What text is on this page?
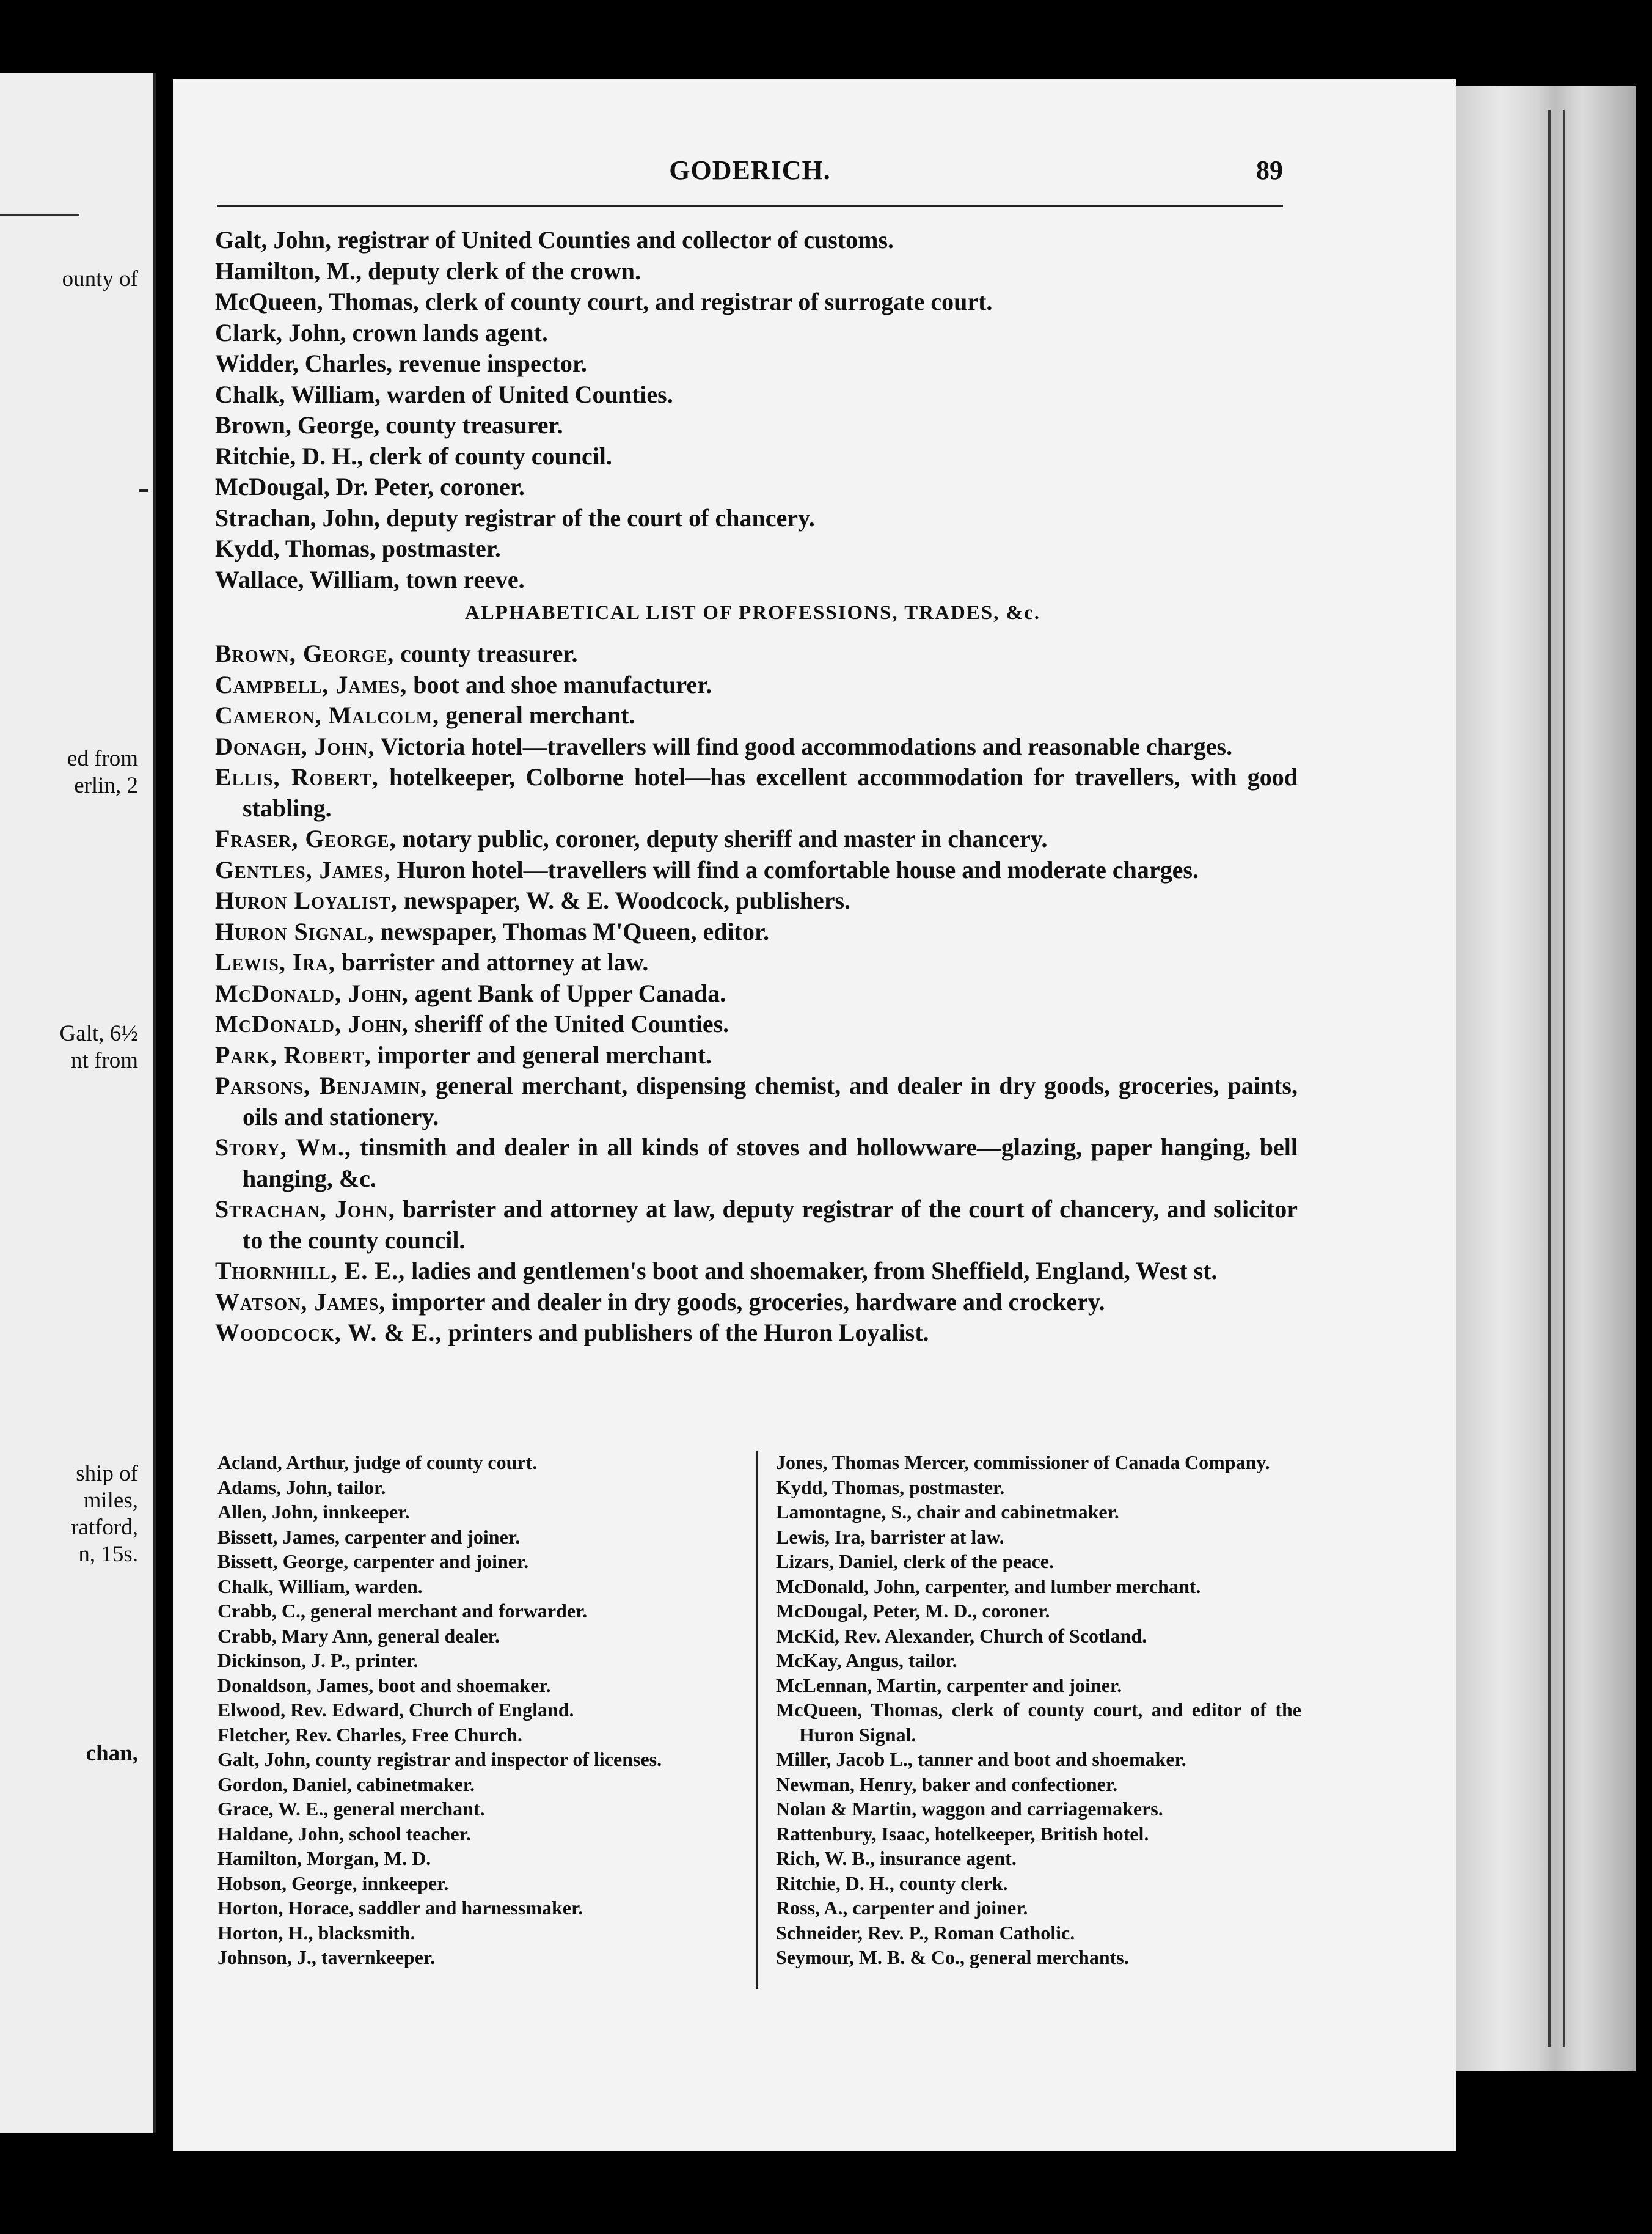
ounty of
ed from
erlin, 2
Galt, 6½
nt from
ship of
miles,
ratford,
n, 15s.
chan,
GODERICH.	89
Galt, John, registrar of United Counties and collector of customs.
Hamilton, M., deputy clerk of the crown.
McQueen, Thomas, clerk of county court, and registrar of surrogate court.
Clark, John, crown lands agent.
Widder, Charles, revenue inspector.
Chalk, William, warden of United Counties.
Brown, George, county treasurer.
Ritchie, D. H., clerk of county council.
McDougal, Dr. Peter, coroner.
Strachan, John, deputy registrar of the court of chancery.
Kydd, Thomas, postmaster.
Wallace, William, town reeve.
ALPHABETICAL LIST OF PROFESSIONS, TRADES, &c.
Brown, George, county treasurer.
Campbell, James, boot and shoe manufacturer.
Cameron, Malcolm, general merchant.
Donagh, John, Victoria hotel—travellers will find good accommodations and reasonable charges.
Ellis, Robert, hotelkeeper, Colborne hotel—has excellent accommodation for travellers, with good stabling.
Fraser, George, notary public, coroner, deputy sheriff and master in chancery.
Gentles, James, Huron hotel—travellers will find a comfortable house and moderate charges.
Huron Loyalist, newspaper, W. & E. Woodcock, publishers.
Huron Signal, newspaper, Thomas M'Queen, editor.
Lewis, Ira, barrister and attorney at law.
McDonald, John, agent Bank of Upper Canada.
McDonald, John, sheriff of the United Counties.
Park, Robert, importer and general merchant.
Parsons, Benjamin, general merchant, dispensing chemist, and dealer in dry goods, groceries, paints, oils and stationery.
Story, Wm., tinsmith and dealer in all kinds of stoves and hollowware—glazing, paper hanging, bell hanging, &c.
Strachan, John, barrister and attorney at law, deputy registrar of the court of chancery, and solicitor to the county council.
Thornhill, E. E., ladies and gentlemen's boot and shoemaker, from Sheffield, England, West st.
Watson, James, importer and dealer in dry goods, groceries, hardware and crockery.
Woodcock, W. & E., printers and publishers of the Huron Loyalist.
Acland, Arthur, judge of county court.
Adams, John, tailor.
Allen, John, innkeeper.
Bissett, James, carpenter and joiner.
Bissett, George, carpenter and joiner.
Chalk, William, warden.
Crabb, C., general merchant and forwarder.
Crabb, Mary Ann, general dealer.
Dickinson, J. P., printer.
Donaldson, James, boot and shoemaker.
Elwood, Rev. Edward, Church of England.
Fletcher, Rev. Charles, Free Church.
Galt, John, county registrar and inspector of licenses.
Gordon, Daniel, cabinetmaker.
Grace, W. E., general merchant.
Haldane, John, school teacher.
Hamilton, Morgan, M. D.
Hobson, George, innkeeper.
Horton, Horace, saddler and harnessmaker.
Horton, H., blacksmith.
Johnson, J., tavernkeeper.
Jones, Thomas Mercer, commissioner of Canada Company.
Kydd, Thomas, postmaster.
Lamontagne, S., chair and cabinetmaker.
Lewis, Ira, barrister at law.
Lizars, Daniel, clerk of the peace.
McDonald, John, carpenter, and lumber merchant.
McDougal, Peter, M. D., coroner.
McKid, Rev. Alexander, Church of Scotland.
McKay, Angus, tailor.
McLennan, Martin, carpenter and joiner.
McQueen, Thomas, clerk of county court, and editor of the Huron Signal.
Miller, Jacob L., tanner and boot and shoemaker.
Newman, Henry, baker and confectioner.
Nolan & Martin, waggon and carriagemakers.
Rattenbury, Isaac, hotelkeeper, British hotel.
Rich, W. B., insurance agent.
Ritchie, D. H., county clerk.
Ross, A., carpenter and joiner.
Schneider, Rev. P., Roman Catholic.
Seymour, M. B. & Co., general merchants.
